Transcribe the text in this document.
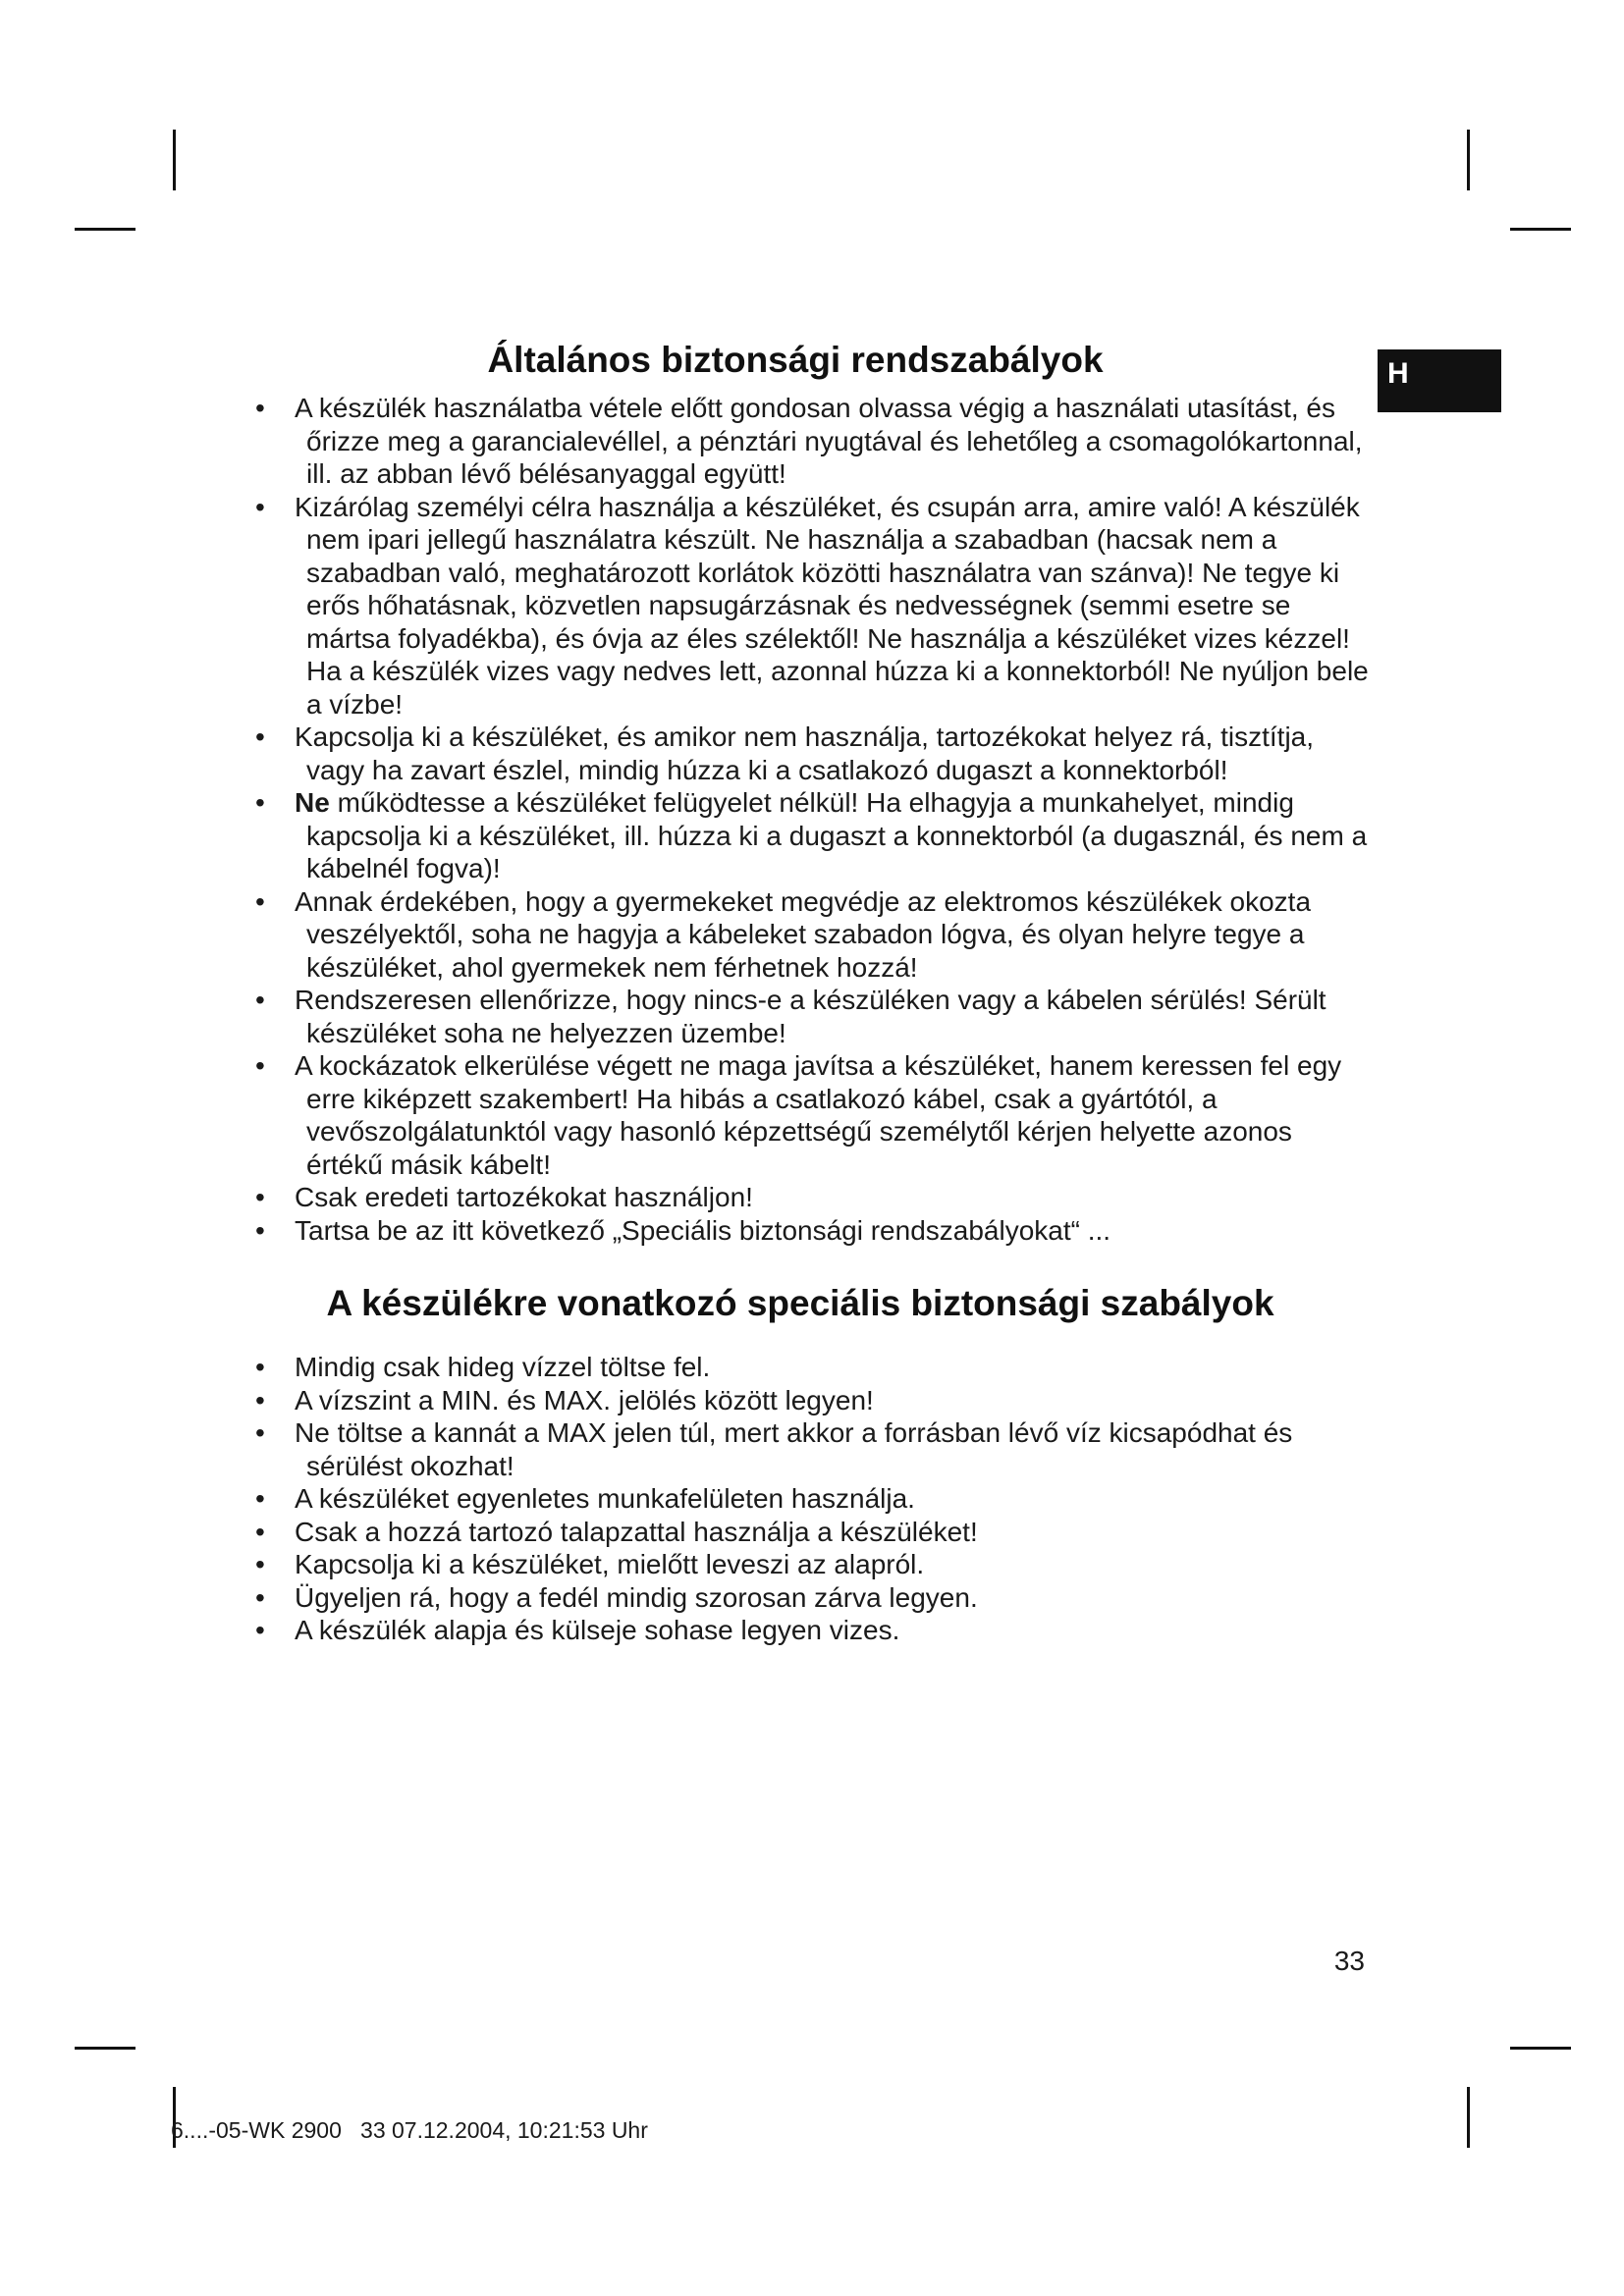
H
Általános biztonsági rendszabályok
•	A készülék használatba vétele előtt gondosan olvassa végig a használati utasítást, és őrizze meg a garancialevéllel, a pénztári nyugtával és lehetőleg a csomagolókartonnal, ill. az abban lévő bélésanyaggal együtt!
•	Kizárólag személyi célra használja a készüléket, és csupán arra, amire való! A készülék nem ipari jellegű használatra készült. Ne használja a szabadban (hacsak nem a szabadban való, meghatározott korlátok közötti használatra van szánva)! Ne tegye ki erős hőhatásnak, közvetlen napsugárzásnak és nedvességnek (semmi esetre se mártsa folyadékba), és óvja az éles szélektől! Ne használja a készüléket vizes kézzel! Ha a készülék vizes vagy nedves lett, azonnal húzza ki a konnektorból! Ne nyúljon bele a vízbe!
•	Kapcsolja ki a készüléket, és amikor nem használja, tartozékokat helyez rá, tisztítja, vagy ha zavart észlel, mindig húzza ki a csatlakozó dugaszt a konnektorból!
•	Ne működtesse a készüléket felügyelet nélkül! Ha elhagyja a munkahelyet, mindig kapcsolja ki a készüléket, ill. húzza ki a dugaszt a konnektorból (a dugasznál, és nem a kábelnél fogva)!
•	Annak érdekében, hogy a gyermekeket megvédje az elektromos készülékek okozta veszélyektől, soha ne hagyja a kábeleket szabadon lógva, és olyan helyre tegye a készüléket, ahol gyermekek nem férhetnek hozzá!
•	Rendszeresen ellenőrizze, hogy nincs-e a készüléken vagy a kábelen sérülés! Sérült készüléket soha ne helyezzen üzembe!
•	A kockázatok elkerülése végett ne maga javítsa a készüléket, hanem keressen fel egy erre kiképzett szakembert! Ha hibás a csatlakozó kábel, csak a gyártótól, a vevőszolgálatunktól vagy hasonló képzettségű személytől kérjen helyette azonos értékű másik kábelt!
•	Csak eredeti tartozékokat használjon!
•	Tartsa be az itt következő „Speciális biztonsági rendszabályokat“ ...
A készülékre vonatkozó speciális biztonsági szabályok
•	Mindig csak hideg vízzel töltse fel.
•	A vízszint a MIN. és MAX. jelölés között legyen!
•	Ne töltse a kannát a MAX jelen túl, mert akkor a forrásban lévő víz kicsapódhat és sérülést okozhat!
•	A készüléket egyenletes munkafelületen használja.
•	Csak a hozzá tartozó talapzattal használja a készüléket!
•	Kapcsolja ki a készüléket, mielőtt leveszi az alapról.
•	Ügyeljen rá, hogy a fedél mindig szorosan zárva legyen.
•	A készülék alapja és külseje sohase legyen vizes.
33
6....-05-WK 2900   33 07.12.2004, 10:21:53 Uhr
